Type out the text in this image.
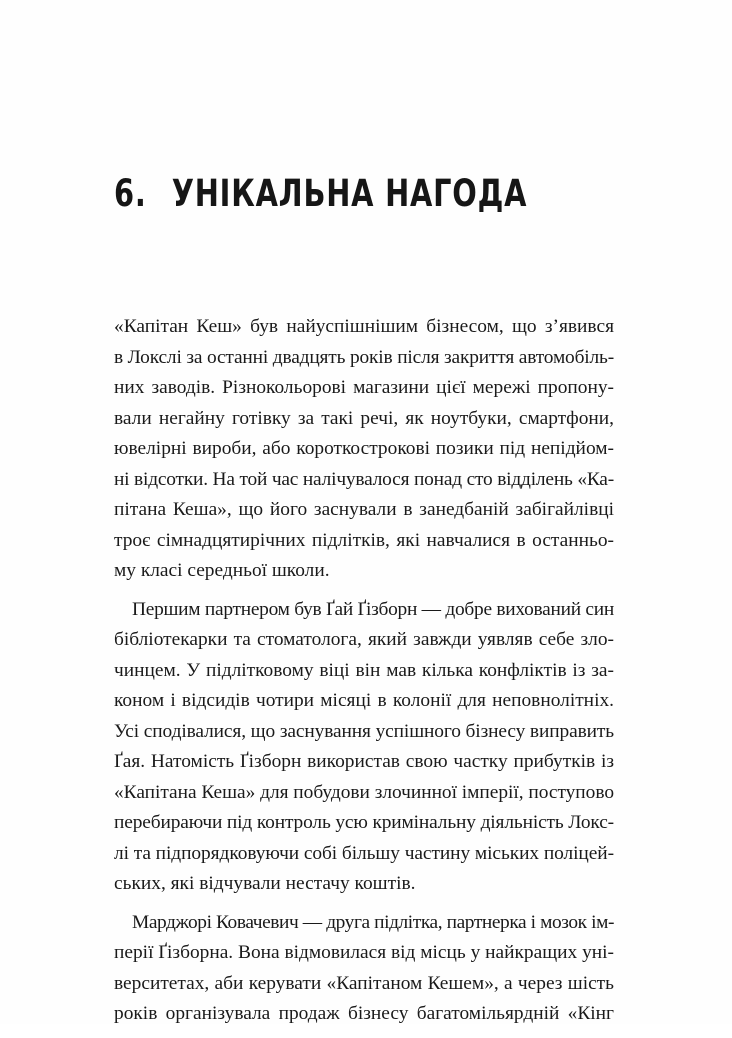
6. УНІКАЛЬНА НАГОДА
«Капітан Кеш» був найуспішнішим бізнесом, що з’явився
в Локслі за останні двадцять років після закриття автомобіль-
них заводів. Різнокольорові магазини цієї мережі пропону-
вали негайну готівку за такі речі, як ноутбуки, смартфони,
ювелірні вироби, або короткострокові позики під непідйом-
ні відсотки. На той час налічувалося понад сто відділень «Ка-
пітана Кеша», що його заснували в занедбаній забігайлівці
троє сімнадцятирічних підлітків, які навчалися в останньо-
му класі середньої школи.
Першим партнером був Ґай Ґізборн — добре вихований син
бібліотекарки та стоматолога, який завжди уявляв себе зло-
чинцем. У підлітковому віці він мав кілька конфліктів із за-
коном і відсидів чотири місяці в колонії для неповнолітніх.
Усі сподівалися, що заснування успішного бізнесу виправить
Ґая. Натомість Ґізборн використав свою частку прибутків із
«Капітана Кеша» для побудови злочинної імперії, поступово
перебираючи під контроль усю кримінальну діяльність Локс-
лі та підпорядковуючи собі більшу частину міських поліцей-
ських, які відчували нестачу коштів.
Марджорі Ковачевич — друга підлітка, партнерка і мозок ім-
перії Ґізборна. Вона відмовилася від місць у найкращих уні-
верситетах, аби керувати «Капітаном Кешем», а через шість
років організувала продаж бізнесу багатомільярдній «Кінг
